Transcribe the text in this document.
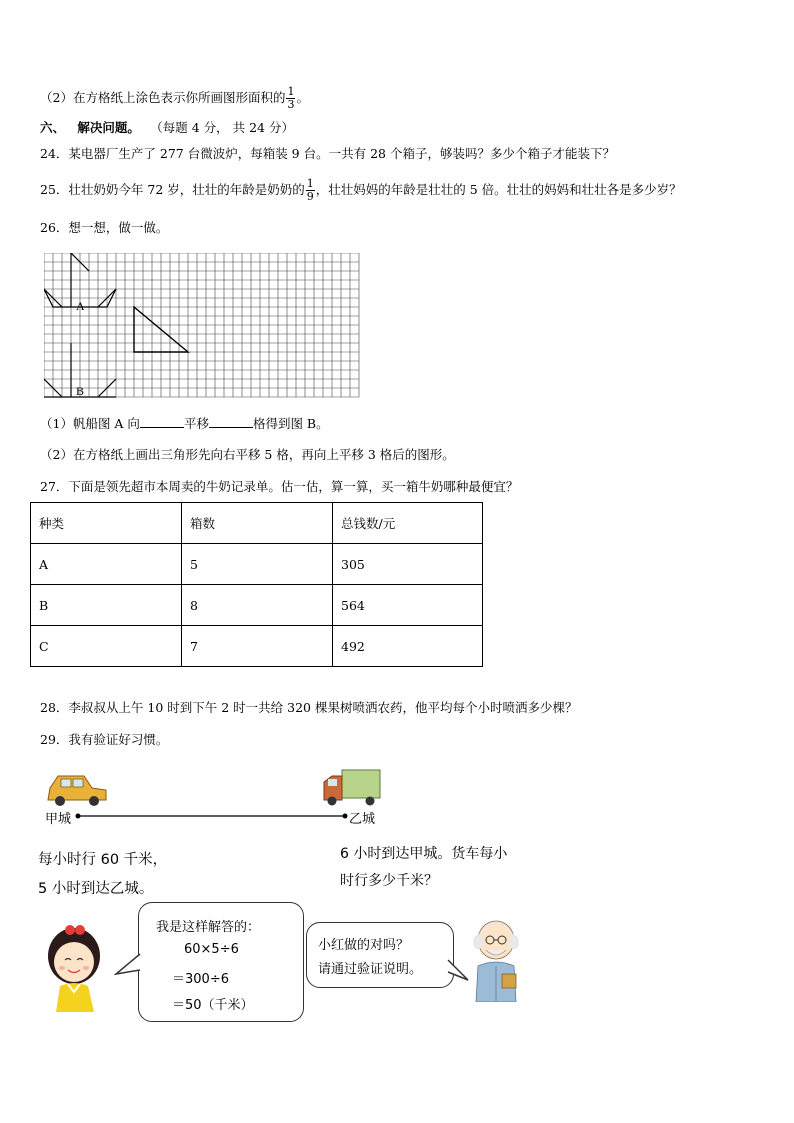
（2）在方格纸上涂色表示你所画图形面积的 $\frac{1}{3}$ 。
六、 解决问题。 （每题 4 分， 共 24 分）
24．某电器厂生产了 277 台微波炉，每箱装 9 台。一共有 28 个箱子，够装吗？多少个箱子才能装下？
25．壮壮奶奶今年 72 岁，壮壮的年龄是奶奶的 $\frac{1}{9}$ ，壮壮妈妈的年龄是壮壮的 5 倍。壮壮的妈妈和壮壮各是多少岁？
26．想一想，做一做。
A
B
（1）帆船图 A 向	平移	格得到图 B。
（2）在方格纸上画出三角形先向右平移 5 格，再向上平移 3 格后的图形。
27．下面是领先超市本周卖的牛奶记录单。估一估，算一算，买一箱牛奶哪种最便宜？
种类	箱数	总钱数/元
A	5	305
B	8	564
C	7	492
28．李叔叔从上午 10 时到下午 2 时一共给 320 棵果树喷洒农药，他平均每个小时喷洒多少棵？
29．我有验证好习惯。
甲城	乙城
每小时行 60 千米，
5 小时到达乙城。
6 小时到达甲城。货车每小
时行多少千米？
我是这样解答的：
60×5÷6
＝300÷6
＝50（千米）
小红做的对吗？
请通过验证说明。
